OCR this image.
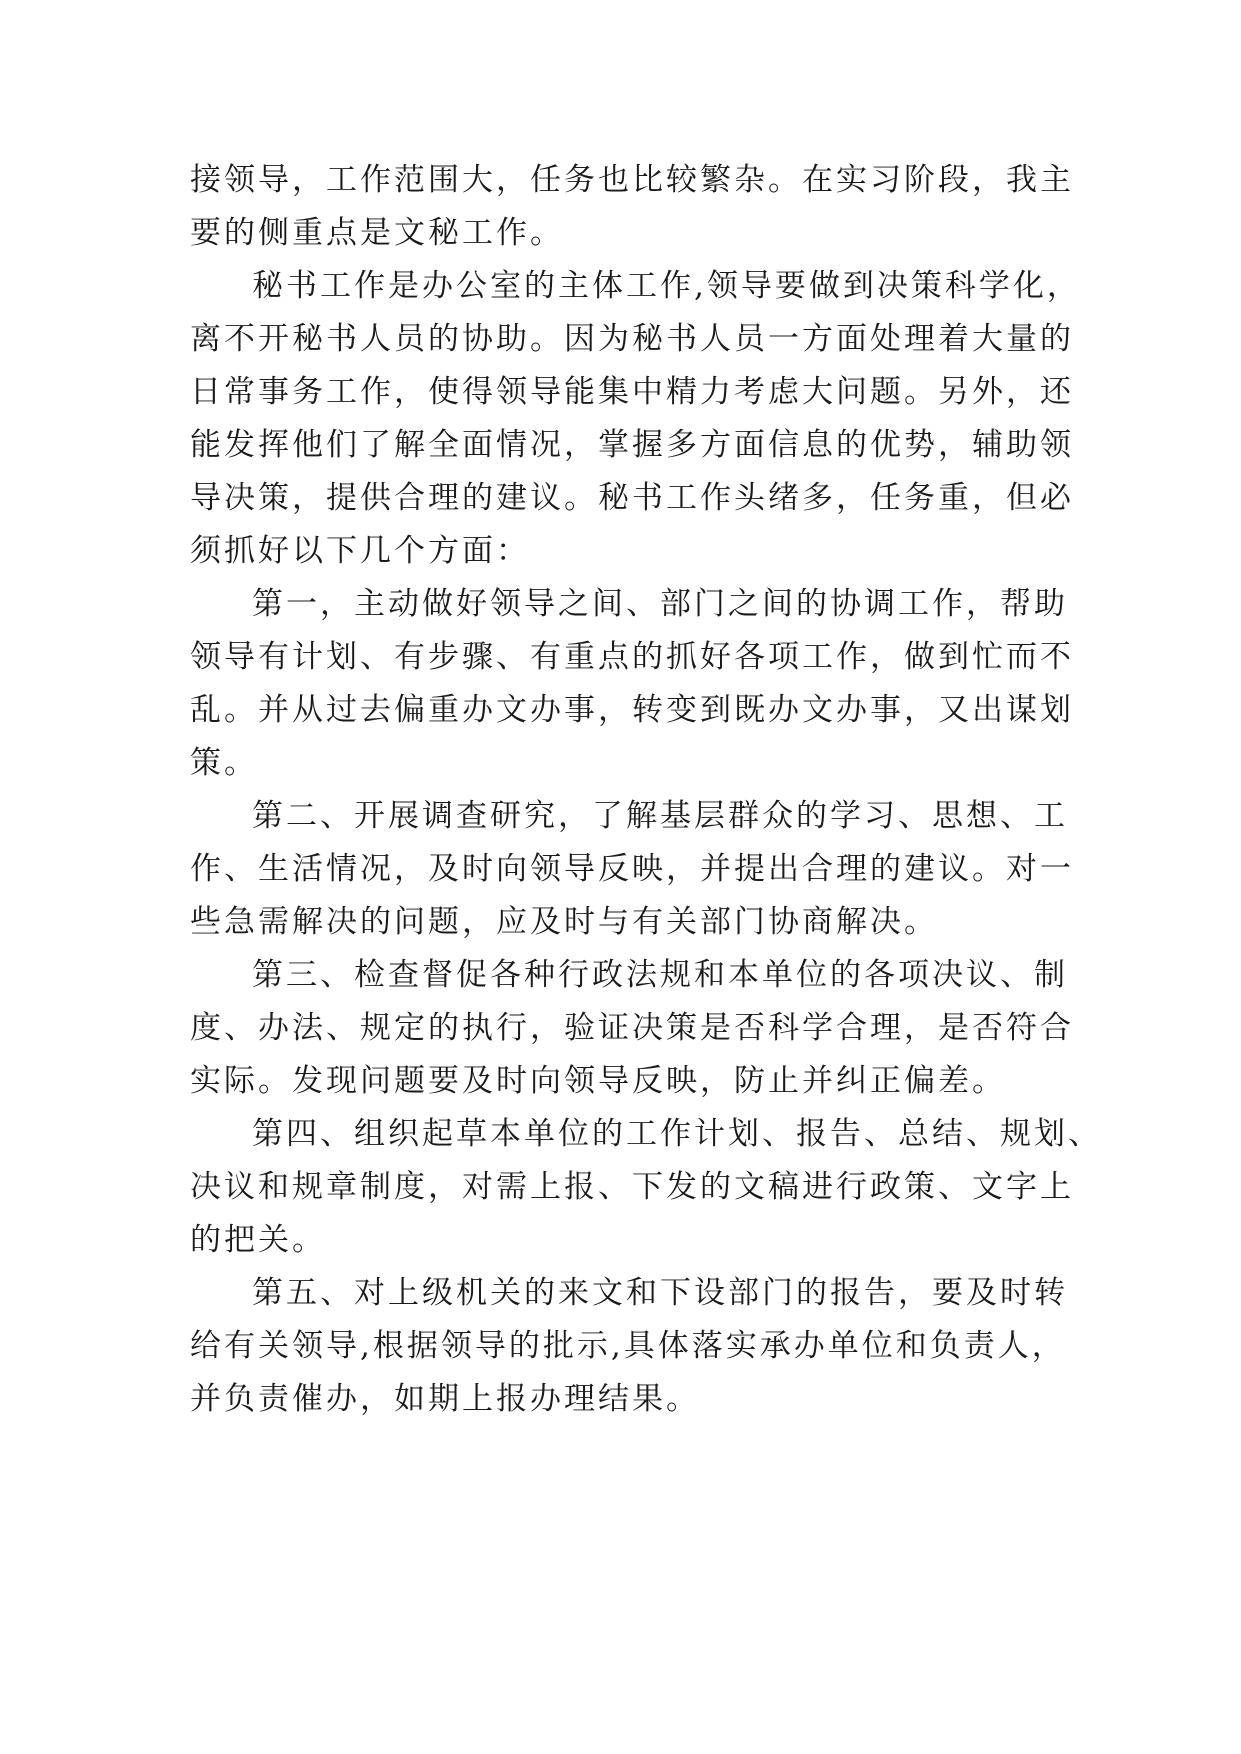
接领导，工作范围大，任务也比较繁杂。在实习阶段，我主
要的侧重点是文秘工作。
秘书工作是办公室的主体工作,领导要做到决策科学化，
离不开秘书人员的协助。因为秘书人员一方面处理着大量的
日常事务工作，使得领导能集中精力考虑大问题。另外，还
能发挥他们了解全面情况，掌握多方面信息的优势，辅助领
导决策，提供合理的建议。秘书工作头绪多，任务重，但必
须抓好以下几个方面：
第一，主动做好领导之间、部门之间的协调工作，帮助
领导有计划、有步骤、有重点的抓好各项工作，做到忙而不
乱。并从过去偏重办文办事，转变到既办文办事，又出谋划
策。
第二、开展调查研究，了解基层群众的学习、思想、工
作、生活情况，及时向领导反映，并提出合理的建议。对一
些急需解决的问题，应及时与有关部门协商解决。
第三、检查督促各种行政法规和本单位的各项决议、制
度、办法、规定的执行，验证决策是否科学合理，是否符合
实际。发现问题要及时向领导反映，防止并纠正偏差。
第四、组织起草本单位的工作计划、报告、总结、规划、
决议和规章制度，对需上报、下发的文稿进行政策、文字上
的把关。
第五、对上级机关的来文和下设部门的报告，要及时转
给有关领导,根据领导的批示,具体落实承办单位和负责人，
并负责催办，如期上报办理结果。
